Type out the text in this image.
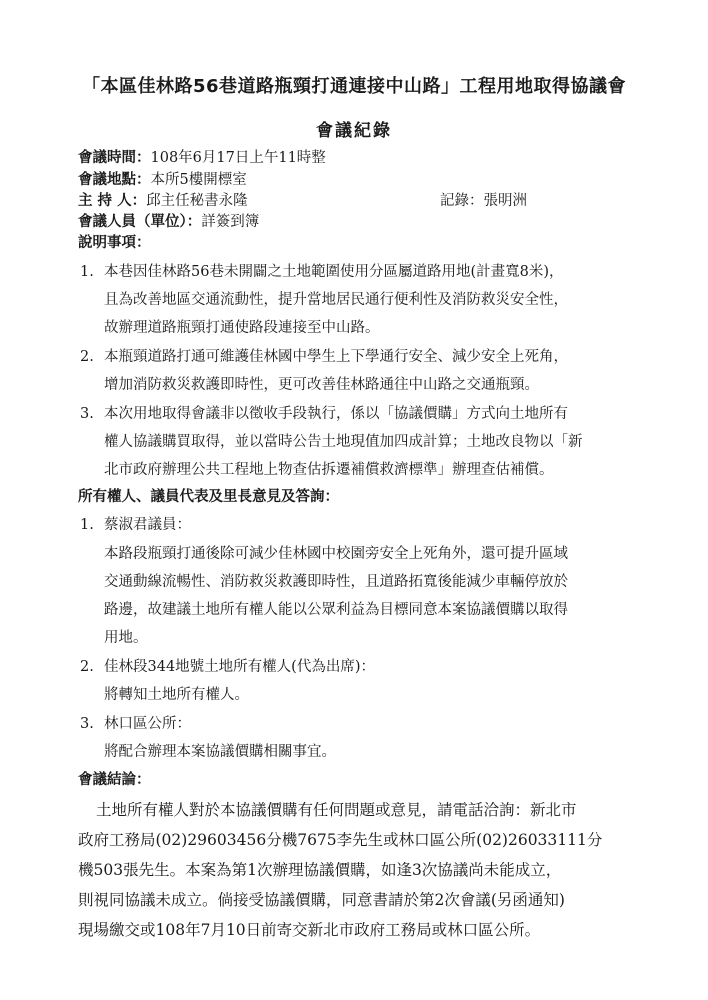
「本區佳林路56巷道路瓶頸打通連接中山路」工程用地取得協議會
會議紀錄
會議時間：108年6月17日上午11時整
會議地點：本所5樓開標室
主 持 人：邱主任秘書永隆	記錄：張明洲
會議人員（單位）：詳簽到簿
說明事項：
1. 本巷因佳林路56巷未開闢之土地範圍使用分區屬道路用地(計畫寬8米)，
且為改善地區交通流動性，提升當地居民通行便利性及消防救災安全性，
故辦理道路瓶頸打通使路段連接至中山路。
2. 本瓶頸道路打通可維護佳林國中學生上下學通行安全、減少安全上死角，
增加消防救災救護即時性，更可改善佳林路通往中山路之交通瓶頸。
3. 本次用地取得會議非以徵收手段執行，係以「協議價購」方式向土地所有
權人協議購買取得，並以當時公告土地現值加四成計算；土地改良物以「新
北市政府辦理公共工程地上物查估拆遷補償救濟標準」辦理查估補償。
所有權人、議員代表及里長意見及答詢：
1. 蔡淑君議員：
本路段瓶頸打通後除可減少佳林國中校園旁安全上死角外，還可提升區域
交通動線流暢性、消防救災救護即時性，且道路拓寬後能減少車輛停放於
路邊，故建議土地所有權人能以公眾利益為目標同意本案協議價購以取得
用地。
2. 佳林段344地號土地所有權人(代為出席)：
將轉知土地所有權人。
3. 林口區公所：
將配合辦理本案協議價購相關事宜。
會議結論：
土地所有權人對於本協議價購有任何問題或意見，請電話洽詢：新北市
政府工務局(02)29603456分機7675李先生或林口區公所(02)26033111分
機503張先生。本案為第1次辦理協議價購，如逢3次協議尚未能成立，
則視同協議未成立。倘接受協議價購，同意書請於第2次會議(另函通知)
現場繳交或108年7月10日前寄交新北市政府工務局或林口區公所。
